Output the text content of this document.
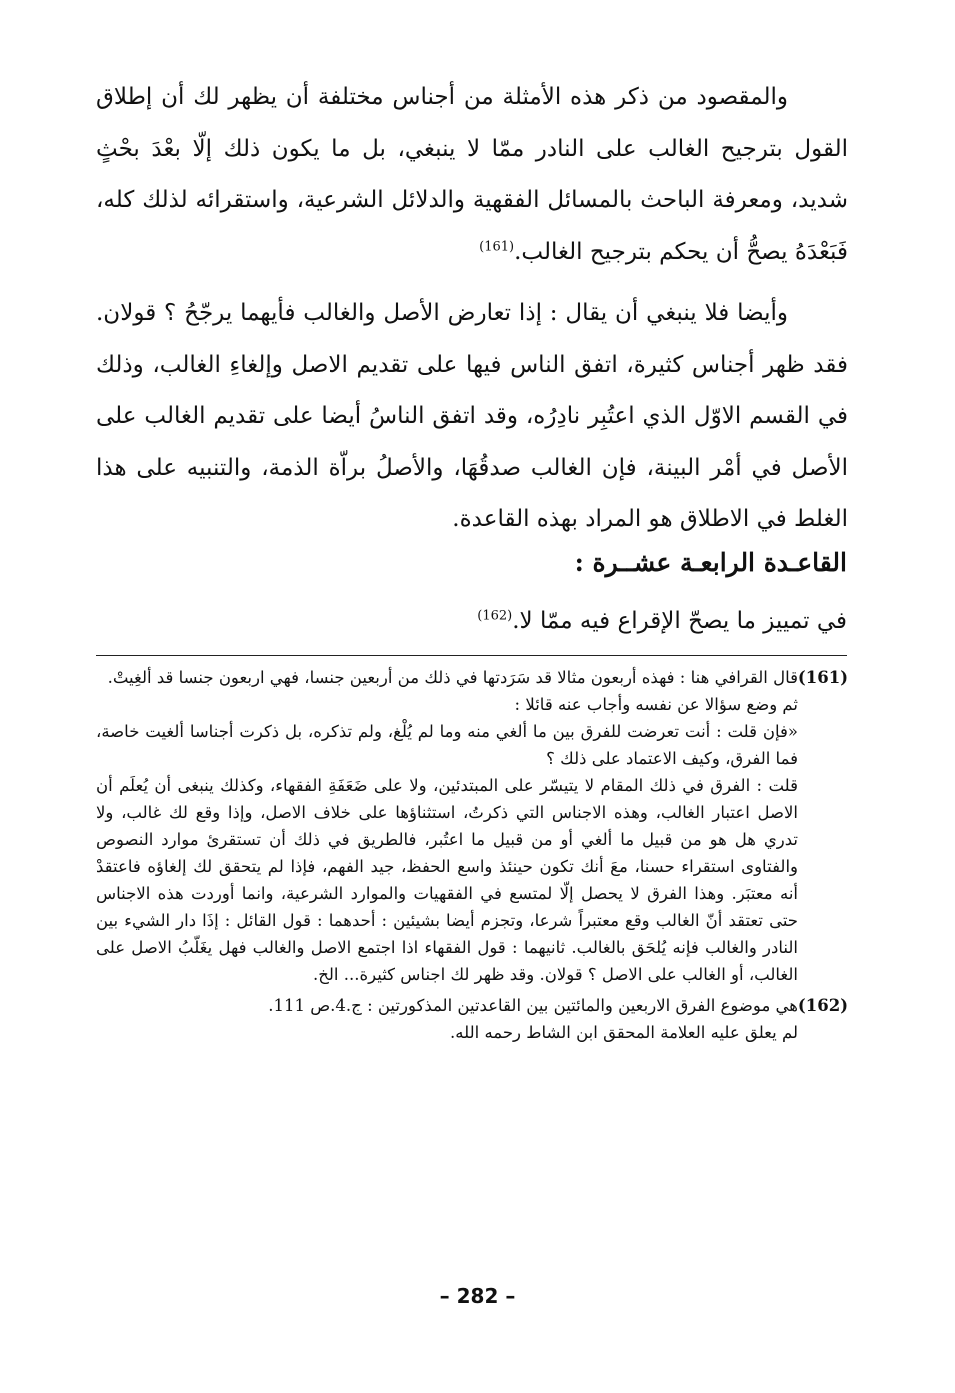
والمقصود من ذكر هذه الأمثلة من أجناس مختلفة أن يظهر لك أن إطلاق القول بترجيح الغالب على النادر ممّا لا ينبغي، بل ما يكون ذلك إلّا بعْدَ بحْثٍ شديد، ومعرفة الباحث بالمسائل الفقهية والدلائل الشرعية، واستقرائه لذلك كله، فَبَعْدَهُ يصحُّ أن يحكم بترجيح الغالب.$^{(161)}$

وأيضا فلا ينبغي أن يقال : إذا تعارض الأصل والغالب فأيهما يرجّحُ ؟ قولان. فقد ظهر أجناس كثيرة، اتفق الناس فيها على تقديم الاصل وإلغاءِ الغالب، وذلك في القسم الاوّل الذي اعتُبِر نادِرُه، وقد اتفق الناسُ أيضا على تقديم الغالب على الأصل في أمْر البينة، فإن الغالب صدقُهَا، والأصلُ براّة الذمة، والتنبيه على هذا الغلط في الاطلاق هو المراد بهذه القاعدة.

القاعـدة الرابعـة عشــرة :
في تمييز ما يصحّ الإقراع فيه ممّا لا.$^{(162)}$
(161)

قال القرافي هنا : فهذه أربعون مثالا قد سَرَدتها في ذلك من أربعين جنسا، فهي اربعون جنسا قد ألغِيتْ.

ثم وضع سؤالا عن نفسه وأجاب عنه قائلا :

«فإن قلت : أنت تعرضت للفرق بين ما ألغي منه وما لم يُلْغ، ولم تذكره، بل ذكرت أجناسا ألغيت خاصة، فما الفرق، وكيف الاعتماد على ذلك ؟

قلت : الفرق في ذلك المقام لا يتيسّر على المبتدئين، ولا على ضَعَفَةِ الفقهاء، وكذلك ينبغى أن يُعلَم أن الاصل اعتبار الغالب، وهذه الاجناس التي ذكرتُ، استثناؤها على خلاف الاصل، وإذا وقع لك غالب، ولا تدري هل هو من قبيل ما ألغي أو من قبيل ما اعتُبر، فالطريق في ذلك أن تستقرئ موارد النصوص والفتاوى استقراء حسنا، معَ أنك تكون حينئذ واسع الحفظ، جيد الفهم، فإذا لم يتحقق لك إلغاؤه فاعتقدْ أنه معتبَر. وهذا الفرق لا يحصل إلّا لمتسع في الفقهيات والموارد الشرعية، وانما أوردت هذه الاجناس حتى تعتقد أنّ الغالب وقع معتبراً شرعا، وتجزم أيضا بشيئين : أحدهما : قول القائل : إذَا دار الشيء بين النادر والغالب فإنه يُلحَق بالغالب. ثانيهما : قول الفقهاء اذا اجتمع الاصل والغالب فهل يغَلّبُ الاصل على الغالب، أو الغالب على الاصل ؟ قولان. وقد ظهر لك اجناس كثيرة... الخ.

(162)

هي موضوع الفرق الاربعين والمائتين بين القاعدتين المذكورتين : ج.4.ص 111.

لم يعلق عليه العلامة المحقق ابن الشاط رحمه الله.

– 282 –
